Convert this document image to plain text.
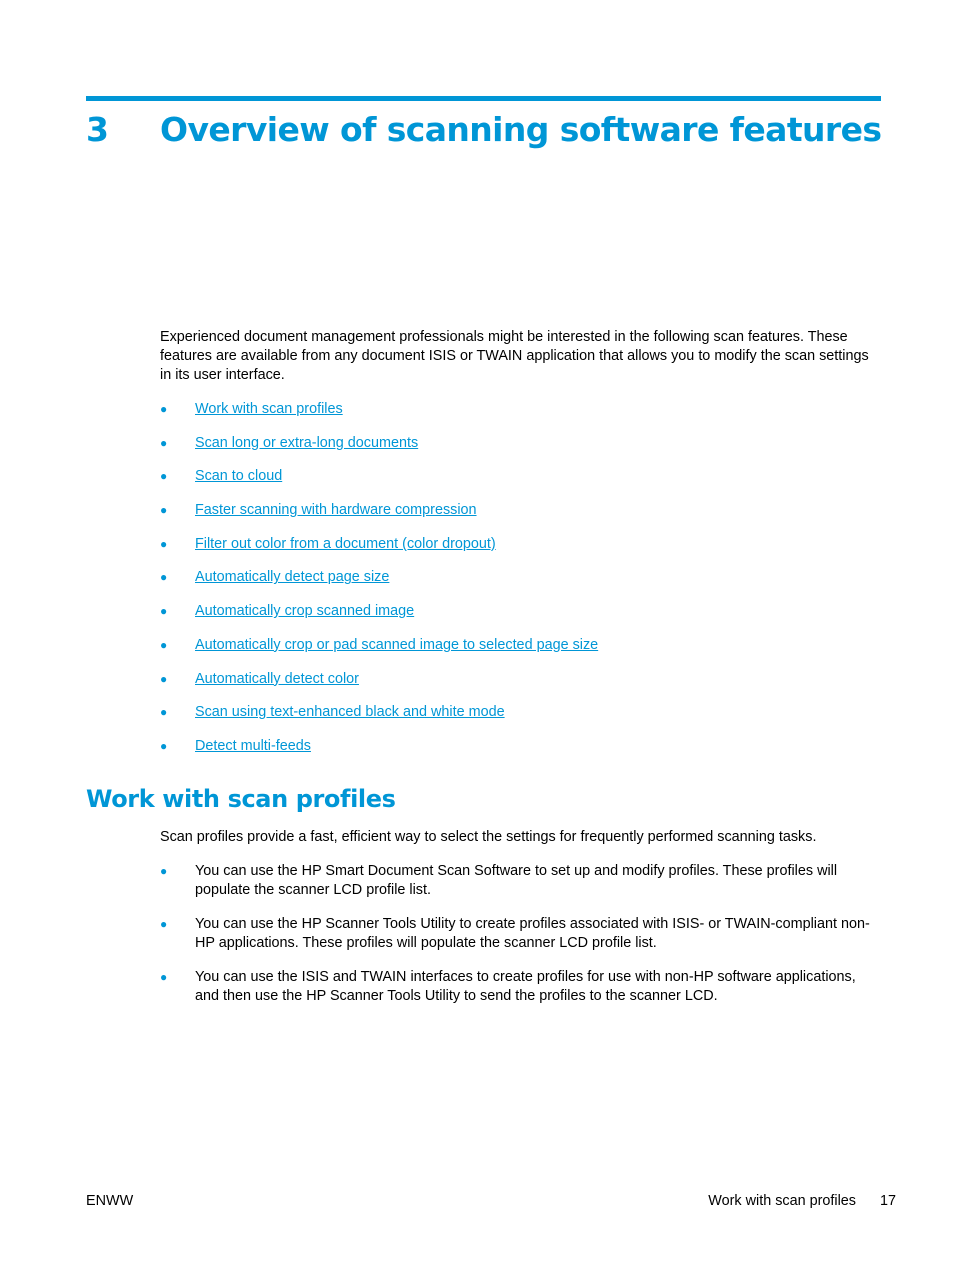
3	Overview of scanning software features

Experienced document management professionals might be interested in the following scan features. These features are available from any document ISIS or TWAIN application that allows you to modify the scan settings in its user interface.

●	Work with scan profiles
●	Scan long or extra-long documents
●	Scan to cloud
●	Faster scanning with hardware compression
●	Filter out color from a document (color dropout)
●	Automatically detect page size
●	Automatically crop scanned image
●	Automatically crop or pad scanned image to selected page size
●	Automatically detect color
●	Scan using text-enhanced black and white mode
●	Detect multi-feeds
Work with scan profiles

Scan profiles provide a fast, efficient way to select the settings for frequently performed scanning tasks.

●	You can use the HP Smart Document Scan Software to set up and modify profiles. These profiles will populate the scanner LCD profile list.
●	You can use the HP Scanner Tools Utility to create profiles associated with ISIS- or TWAIN-compliant non-HP applications. These profiles will populate the scanner LCD profile list.
●	You can use the ISIS and TWAIN interfaces to create profiles for use with non-HP software applications, and then use the HP Scanner Tools Utility to send the profiles to the scanner LCD.
ENWW	Work with scan profiles 17
